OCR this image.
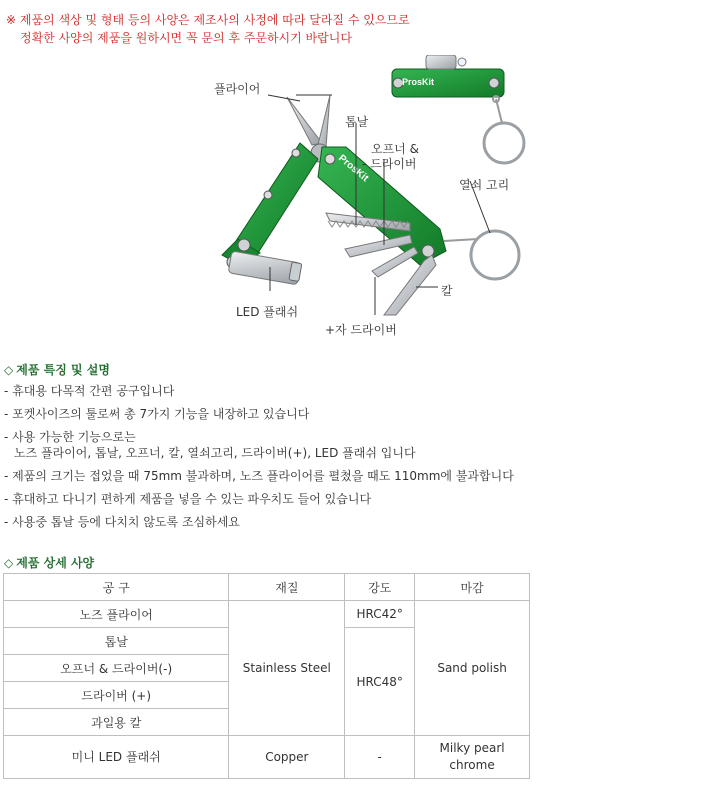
※ 제품의 색상 및 형태 등의 사양은 제조사의 사정에 따라 달라질 수 있으므로
정확한 사양의 제품을 원하시면 꼭 문의 후 주문하시기 바랍니다
ProsKit
ProsKit
플라이어
톱날
오프너 &
- 드라이버
열쇠 고리
칼
LED 플래쉬
+자 드라이버
◇ 제품 특징 및 설명
- 휴대용 다목적 간편 공구입니다
- 포켓사이즈의 툴로써 총 7가지 기능을 내장하고 있습니다
- 사용 가능한 기능으로는
노즈 플라이어, 톱날, 오프너, 칼, 열쇠고리, 드라이버(+), LED 플래쉬 입니다
- 제품의 크기는 접었을 때 75mm 불과하며, 노즈 플라이어를 펼쳤을 때도 110mm에 불과합니다
- 휴대하고 다니기 편하게 제품을 넣을 수 있는 파우치도 들어 있습니다
- 사용중 톱날 등에 다치치 않도록 조심하세요
◇ 제품 상세 사양
공 구	재질	강도	마감
노즈 플라이어	Stainless Steel	HRC42°	Sand polish
톱날		HRC48°	
오프너 & 드라이버(-)			
드라이버 (+)			
과일용 칼			
미니 LED 플래쉬	Copper	-	Milky pearl
chrome
